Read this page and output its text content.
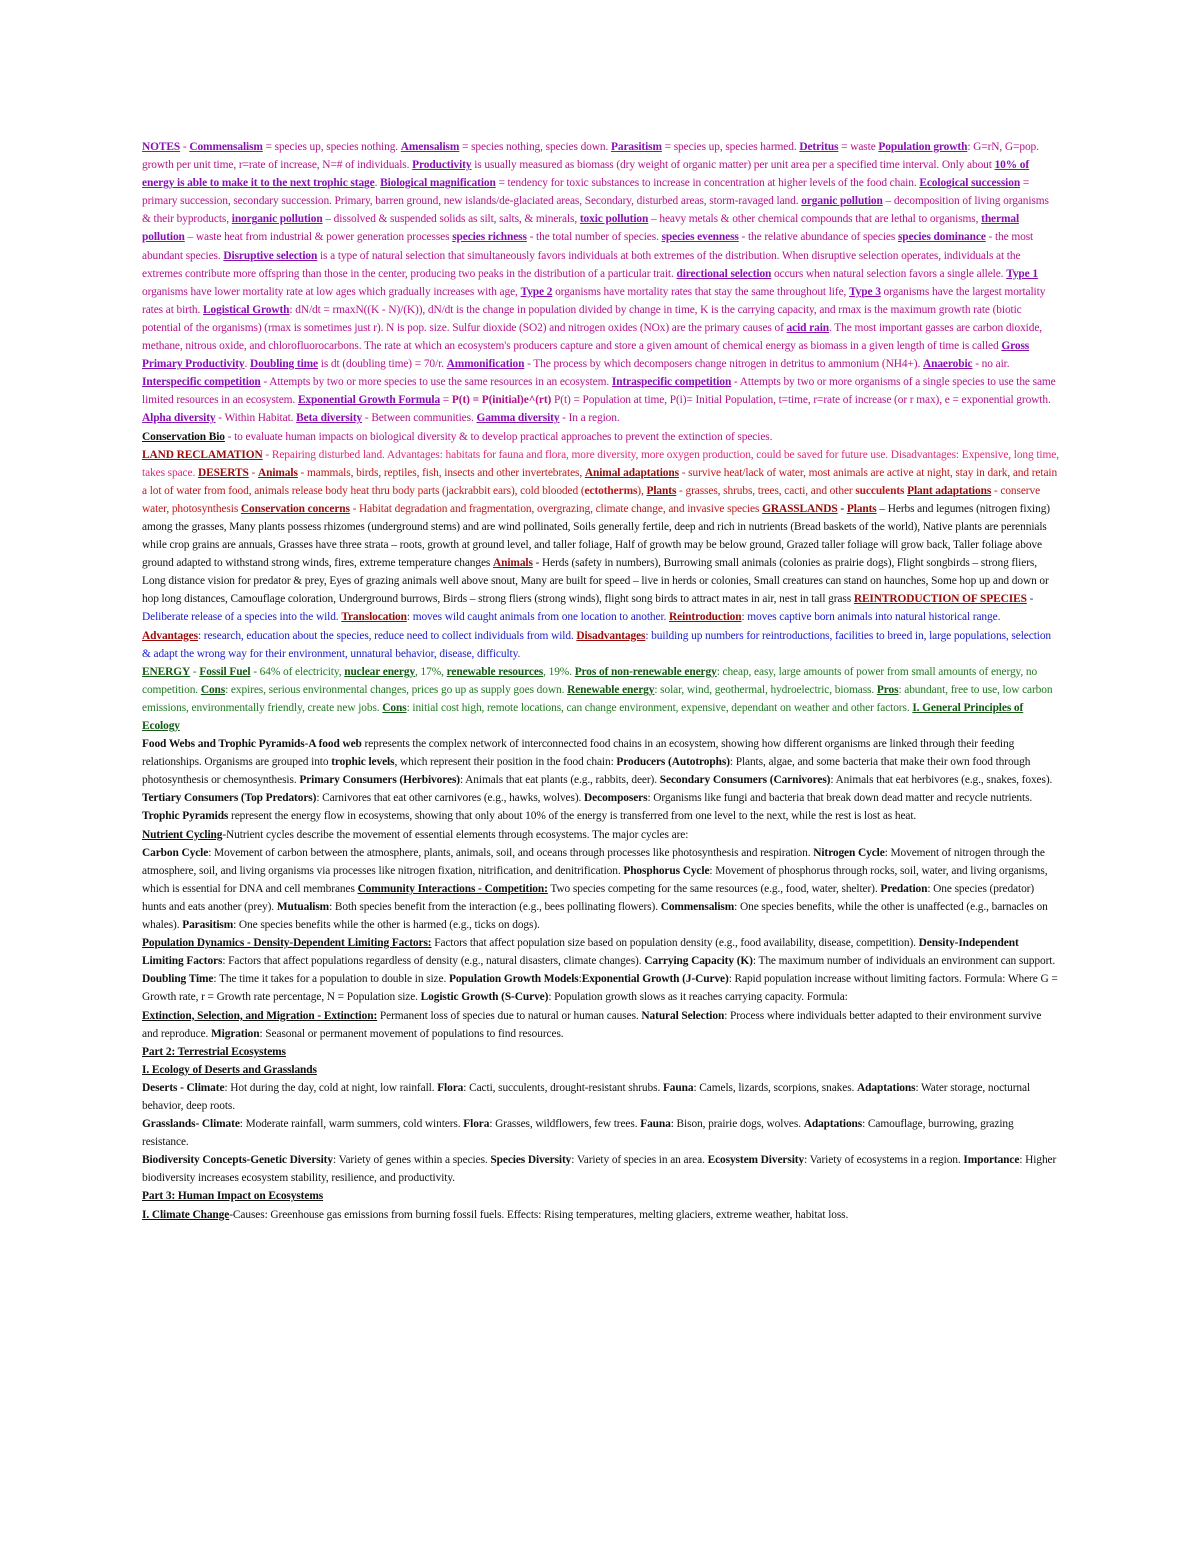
NOTES - Commensalism = species up, species nothing. Amensalism = species nothing, species down. Parasitism = species up, species harmed. Detritus = waste Population growth: G=rN, G=pop. growth per unit time, r=rate of increase, N=# of individuals. Productivity is usually measured as biomass (dry weight of organic matter) per unit area per a specified time interval. Only about 10% of energy is able to make it to the next trophic stage. Biological magnification = tendency for toxic substances to increase in concentration at higher levels of the food chain. Ecological succession = primary succession, secondary succession. Primary, barren ground, new islands/de-glaciated areas, Secondary, disturbed areas, storm-ravaged land. organic pollution – decomposition of living organisms & their byproducts, inorganic pollution – dissolved & suspended solids as silt, salts, & minerals, toxic pollution – heavy metals & other chemical compounds that are lethal to organisms, thermal pollution – waste heat from industrial & power generation processes species richness - the total number of species. species evenness - the relative abundance of species species dominance - the most abundant species. Disruptive selection is a type of natural selection that simultaneously favors individuals at both extremes of the distribution. When disruptive selection operates, individuals at the extremes contribute more offspring than those in the center, producing two peaks in the distribution of a particular trait. directional selection occurs when natural selection favors a single allele. Type 1 organisms have lower mortality rate at low ages which gradually increases with age, Type 2 organisms have mortality rates that stay the same throughout life, Type 3 organisms have the largest mortality rates at birth. Logistical Growth: dN/dt = rmaxN((K - N)/(K)), dN/dt is the change in population divided by change in time, K is the carrying capacity, and rmax is the maximum growth rate (biotic potential of the organisms) (rmax is sometimes just r). N is pop. size. Sulfur dioxide (SO2) and nitrogen oxides (NOx) are the primary causes of acid rain. The most important gasses are carbon dioxide, methane, nitrous oxide, and chlorofluorocarbons. The rate at which an ecosystem's producers capture and store a given amount of chemical energy as biomass in a given length of time is called Gross Primary Productivity. Doubling time is dt (doubling time) = 70/r. Ammonification - The process by which decomposers change nitrogen in detritus to ammonium (NH4+). Anaerobic - no air. Interspecific competition - Attempts by two or more species to use the same resources in an ecosystem. Intraspecific competition - Attempts by two or more organisms of a single species to use the same limited resources in an ecosystem. Exponential Growth Formula = P(t) = P(initial)e^(rt) P(t) = Population at time, P(i)= Initial Population, t=time, r=rate of increase (or r max), e = exponential growth. Alpha diversity - Within Habitat. Beta diversity - Between communities. Gamma diversity - In a region.

Conservation Bio - to evaluate human impacts on biological diversity & to develop practical approaches to prevent the extinction of species.

LAND RECLAMATION - Repairing disturbed land. Advantages: habitats for fauna and flora, more diversity, more oxygen production, could be saved for future use. Disadvantages: Expensive, long time, takes space. DESERTS - Animals - mammals, birds, reptiles, fish, insects and other invertebrates, Animal adaptations - survive heat/lack of water, most animals are active at night, stay in dark, and retain a lot of water from food, animals release body heat thru body parts (jackrabbit ears), cold blooded (ectotherms), Plants - grasses, shrubs, trees, cacti, and other succulents Plant adaptations - conserve water, photosynthesis Conservation concerns - Habitat degradation and fragmentation, overgrazing, climate change, and invasive species GRASSLANDS - Plants – Herbs and legumes (nitrogen fixing) among the grasses, Many plants possess rhizomes (underground stems) and are wind pollinated, Soils generally fertile, deep and rich in nutrients (Bread baskets of the world), Native plants are perennials while crop grains are annuals, Grasses have three strata – roots, growth at ground level, and taller foliage, Half of growth may be below ground, Grazed taller foliage will grow back, Taller foliage above ground adapted to withstand strong winds, fires, extreme temperature changes Animals - Herds (safety in numbers), Burrowing small animals (colonies as prairie dogs), Flight songbirds – strong fliers, Long distance vision for predator & prey, Eyes of grazing animals well above snout, Many are built for speed – live in herds or colonies, Small creatures can stand on haunches, Some hop up and down or hop long distances, Camouflage coloration, Underground burrows, Birds – strong fliers (strong winds), flight song birds to attract mates in air, nest in tall grass REINTRODUCTION OF SPECIES - Deliberate release of a species into the wild. Translocation: moves wild caught animals from one location to another. Reintroduction: moves captive born animals into natural historical range. Advantages: research, education about the species, reduce need to collect individuals from wild. Disadvantages: building up numbers for reintroductions, facilities to breed in, large populations, selection & adapt the wrong way for their environment, unnatural behavior, disease, difficulty.

ENERGY - Fossil Fuel - 64% of electricity, nuclear energy, 17%, renewable resources, 19%. Pros of non-renewable energy: cheap, easy, large amounts of power from small amounts of energy, no competition. Cons: expires, serious environmental changes, prices go up as supply goes down. Renewable energy: solar, wind, geothermal, hydroelectric, biomass. Pros: abundant, free to use, low carbon emissions, environmentally friendly, create new jobs. Cons: initial cost high, remote locations, can change environment, expensive, dependant on weather and other factors. I. General Principles of Ecology

Food Webs and Trophic Pyramids-A food web represents the complex network of interconnected food chains in an ecosystem, showing how different organisms are linked through their feeding relationships. Organisms are grouped into trophic levels, which represent their position in the food chain: Producers (Autotrophs): Plants, algae, and some bacteria that make their own food through photosynthesis or chemosynthesis. Primary Consumers (Herbivores): Animals that eat plants (e.g., rabbits, deer). Secondary Consumers (Carnivores): Animals that eat herbivores (e.g., snakes, foxes). Tertiary Consumers (Top Predators): Carnivores that eat other carnivores (e.g., hawks, wolves). Decomposers: Organisms like fungi and bacteria that break down dead matter and recycle nutrients. Trophic Pyramids represent the energy flow in ecosystems, showing that only about 10% of the energy is transferred from one level to the next, while the rest is lost as heat.

Nutrient Cycling-Nutrient cycles describe the movement of essential elements through ecosystems. The major cycles are:

Carbon Cycle: Movement of carbon between the atmosphere, plants, animals, soil, and oceans through processes like photosynthesis and respiration. Nitrogen Cycle: Movement of nitrogen through the atmosphere, soil, and living organisms via processes like nitrogen fixation, nitrification, and denitrification. Phosphorus Cycle: Movement of phosphorus through rocks, soil, water, and living organisms, which is essential for DNA and cell membranes Community Interactions - Competition: Two species competing for the same resources (e.g., food, water, shelter). Predation: One species (predator) hunts and eats another (prey). Mutualism: Both species benefit from the interaction (e.g., bees pollinating flowers). Commensalism: One species benefits, while the other is unaffected (e.g., barnacles on whales). Parasitism: One species benefits while the other is harmed (e.g., ticks on dogs).

Population Dynamics - Density-Dependent Limiting Factors: Factors that affect population size based on population density (e.g., food availability, disease, competition). Density-Independent Limiting Factors: Factors that affect populations regardless of density (e.g., natural disasters, climate changes). Carrying Capacity (K): The maximum number of individuals an environment can support. Doubling Time: The time it takes for a population to double in size. Population Growth Models:Exponential Growth (J-Curve): Rapid population increase without limiting factors. Formula: Where G = Growth rate, r = Growth rate percentage, N = Population size. Logistic Growth (S-Curve): Population growth slows as it reaches carrying capacity. Formula:

Extinction, Selection, and Migration - Extinction: Permanent loss of species due to natural or human causes. Natural Selection: Process where individuals better adapted to their environment survive and reproduce. Migration: Seasonal or permanent movement of populations to find resources.

Part 2: Terrestrial Ecosystems

I. Ecology of Deserts and Grasslands

Deserts - Climate: Hot during the day, cold at night, low rainfall. Flora: Cacti, succulents, drought-resistant shrubs. Fauna: Camels, lizards, scorpions, snakes. Adaptations: Water storage, nocturnal behavior, deep roots.

Grasslands- Climate: Moderate rainfall, warm summers, cold winters. Flora: Grasses, wildflowers, few trees. Fauna: Bison, prairie dogs, wolves. Adaptations: Camouflage, burrowing, grazing resistance.

Biodiversity Concepts-Genetic Diversity: Variety of genes within a species. Species Diversity: Variety of species in an area. Ecosystem Diversity: Variety of ecosystems in a region. Importance: Higher biodiversity increases ecosystem stability, resilience, and productivity.

Part 3: Human Impact on Ecosystems

I. Climate Change-Causes: Greenhouse gas emissions from burning fossil fuels. Effects: Rising temperatures, melting glaciers, extreme weather, habitat loss.
